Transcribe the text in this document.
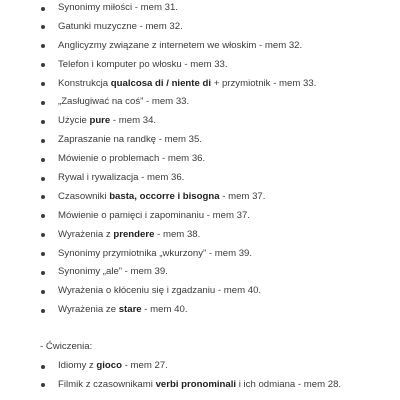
Synonimy miłości - mem 31.
Gatunki muzyczne - mem 32.
Anglicyzmy związane z internetem we włoskim - mem 32.
Telefon i komputer po włosku - mem 33.
Konstrukcja qualcosa di / niente di + przymiotnik - mem 33.
„Zasługiwać na coś” - mem 33.
Użycie pure - mem 34.
Zapraszanie na randkę - mem 35.
Mówienie o problemach - mem 36.
Rywal i rywalizacja - mem 36.
Czasowniki basta, occorre i bisogna - mem 37.
Mówienie o pamięci i zapominaniu - mem 37.
Wyrażenia z prendere - mem 38.
Synonimy przymiotnika „wkurzony” - mem 39.
Synonimy „ale” - mem 39.
Wyrażenia o kłóceniu się i zgadzaniu - mem 40.
Wyrażenia ze stare - mem 40.
- Ćwiczenia:
Idiomy z gioco - mem 27.
Filmik z czasownikami verbi pronominali i ich odmiana - mem 28.
